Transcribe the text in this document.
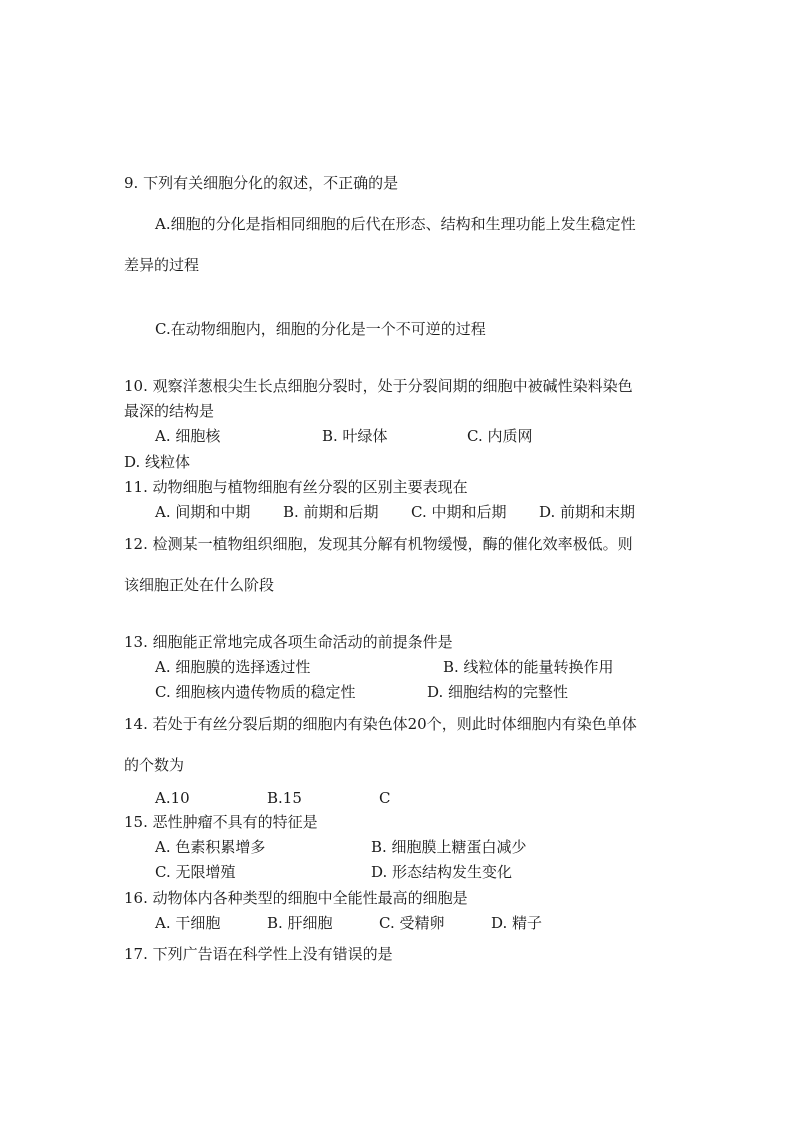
9. 下列有关细胞分化的叙述，不正确的是
A.细胞的分化是指相同细胞的后代在形态、结构和生理功能上发生稳定性
差异的过程
C.在动物细胞内，细胞的分化是一个不可逆的过程
10. 观察洋葱根尖生长点细胞分裂时，处于分裂间期的细胞中被碱性染料染色
最深的结构是
A. 细胞核	B. 叶绿体	C. 内质网
D. 线粒体
11. 动物细胞与植物细胞有丝分裂的区别主要表现在
A. 间期和中期 B. 前期和后期 C. 中期和后期 D. 前期和末期
12. 检测某一植物组织细胞，发现其分解有机物缓慢，酶的催化效率极低。则
该细胞正处在什么阶段
13. 细胞能正常地完成各项生命活动的前提条件是
A. 细胞膜的选择透过性	B. 线粒体的能量转换作用
C. 细胞核内遗传物质的稳定性	D. 细胞结构的完整性
14. 若处于有丝分裂后期的细胞内有染色体20个，则此时体细胞内有染色单体
的个数为
A.10	B.15	C
15. 恶性肿瘤不具有的特征是
A. 色素积累增多	B. 细胞膜上糖蛋白减少
C. 无限增殖	D. 形态结构发生变化
16. 动物体内各种类型的细胞中全能性最高的细胞是
A. 干细胞	B. 肝细胞	C. 受精卵	D. 精子
17. 下列广告语在科学性上没有错误的是
